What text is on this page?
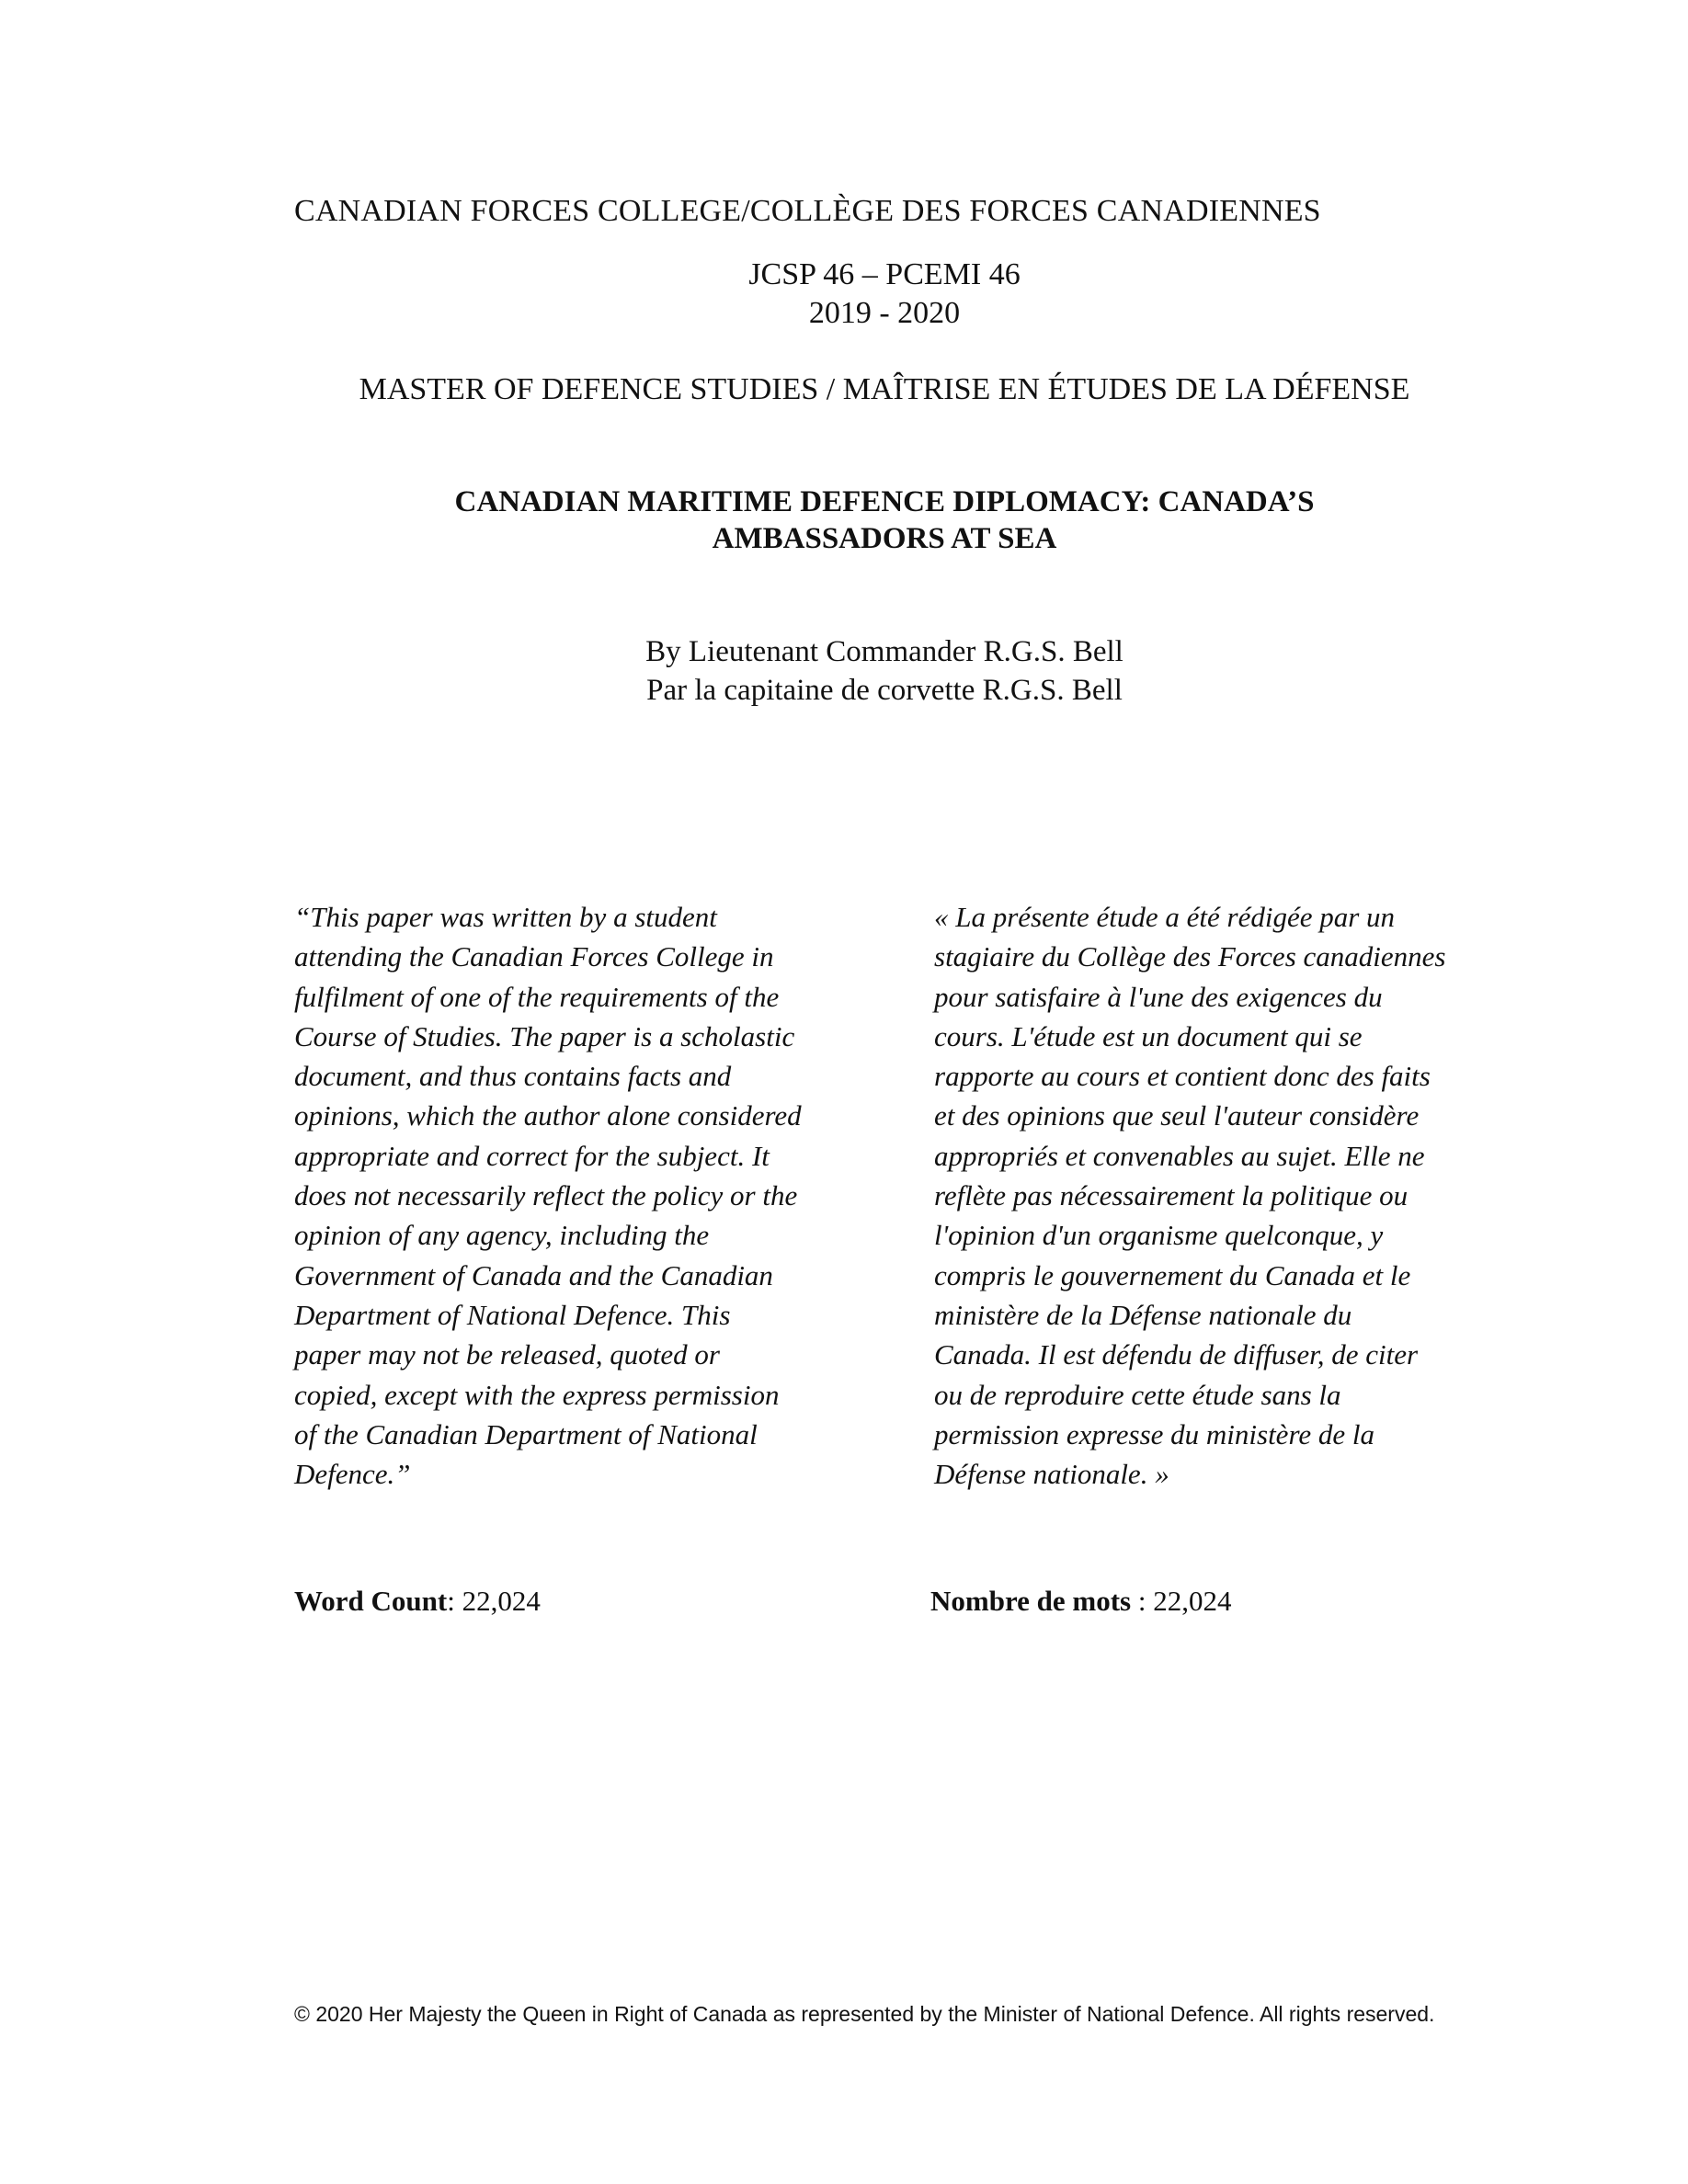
CANADIAN FORCES COLLEGE/COLLÈGE DES FORCES CANADIENNES
JCSP 46 – PCEMI 46
2019 - 2020
MASTER OF DEFENCE STUDIES / MAÎTRISE EN ÉTUDES DE LA DÉFENSE
CANADIAN MARITIME DEFENCE DIPLOMACY: CANADA’S
AMBASSADORS AT SEA
By Lieutenant Commander R.G.S. Bell
Par la capitaine de corvette R.G.S. Bell
“This paper was written by a student
attending the Canadian Forces College in
fulfilment of one of the requirements of the
Course of Studies. The paper is a scholastic
document, and thus contains facts and
opinions, which the author alone considered
appropriate and correct for the subject. It
does not necessarily reflect the policy or the
opinion of any agency, including the
Government of Canada and the Canadian
Department of National Defence. This
paper may not be released, quoted or
copied, except with the express permission
of the Canadian Department of National
Defence.”
« La présente étude a été rédigée par un
stagiaire du Collège des Forces canadiennes
pour satisfaire à l'une des exigences du
cours. L'étude est un document qui se
rapporte au cours et contient donc des faits
et des opinions que seul l'auteur considère
appropriés et convenables au sujet. Elle ne
reflète pas nécessairement la politique ou
l'opinion d'un organisme quelconque, y
compris le gouvernement du Canada et le
ministère de la Défense nationale du
Canada. Il est défendu de diffuser, de citer
ou de reproduire cette étude sans la
permission expresse du ministère de la
Défense nationale. »
Word Count: 22,024	Nombre de mots : 22,024
© 2020 Her Majesty the Queen in Right of Canada as represented by the Minister of National Defence. All rights reserved.
